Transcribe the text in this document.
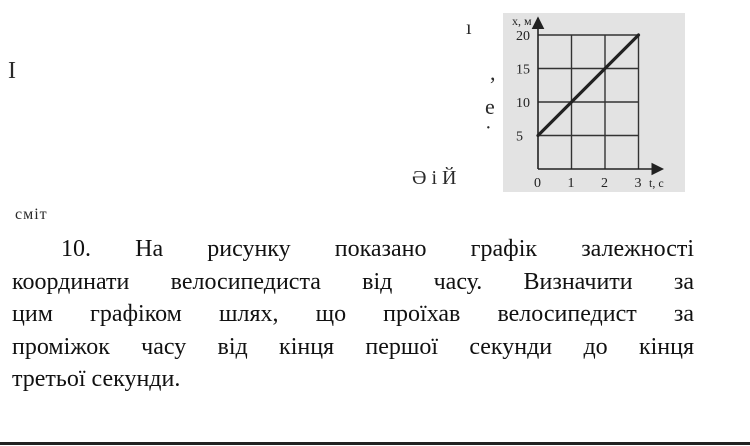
I
ı
,
е
·
Ə і Й
сміт
5
10
15
20
0 1 2 3
x, м
t, с
10. На рисунку показано графік залежності
координати велосипедиста від часу. Визначити за
цим графіком шлях, що проїхав велосипедист за
проміжок часу від кінця першої секунди до кінця
третьої секунди.
